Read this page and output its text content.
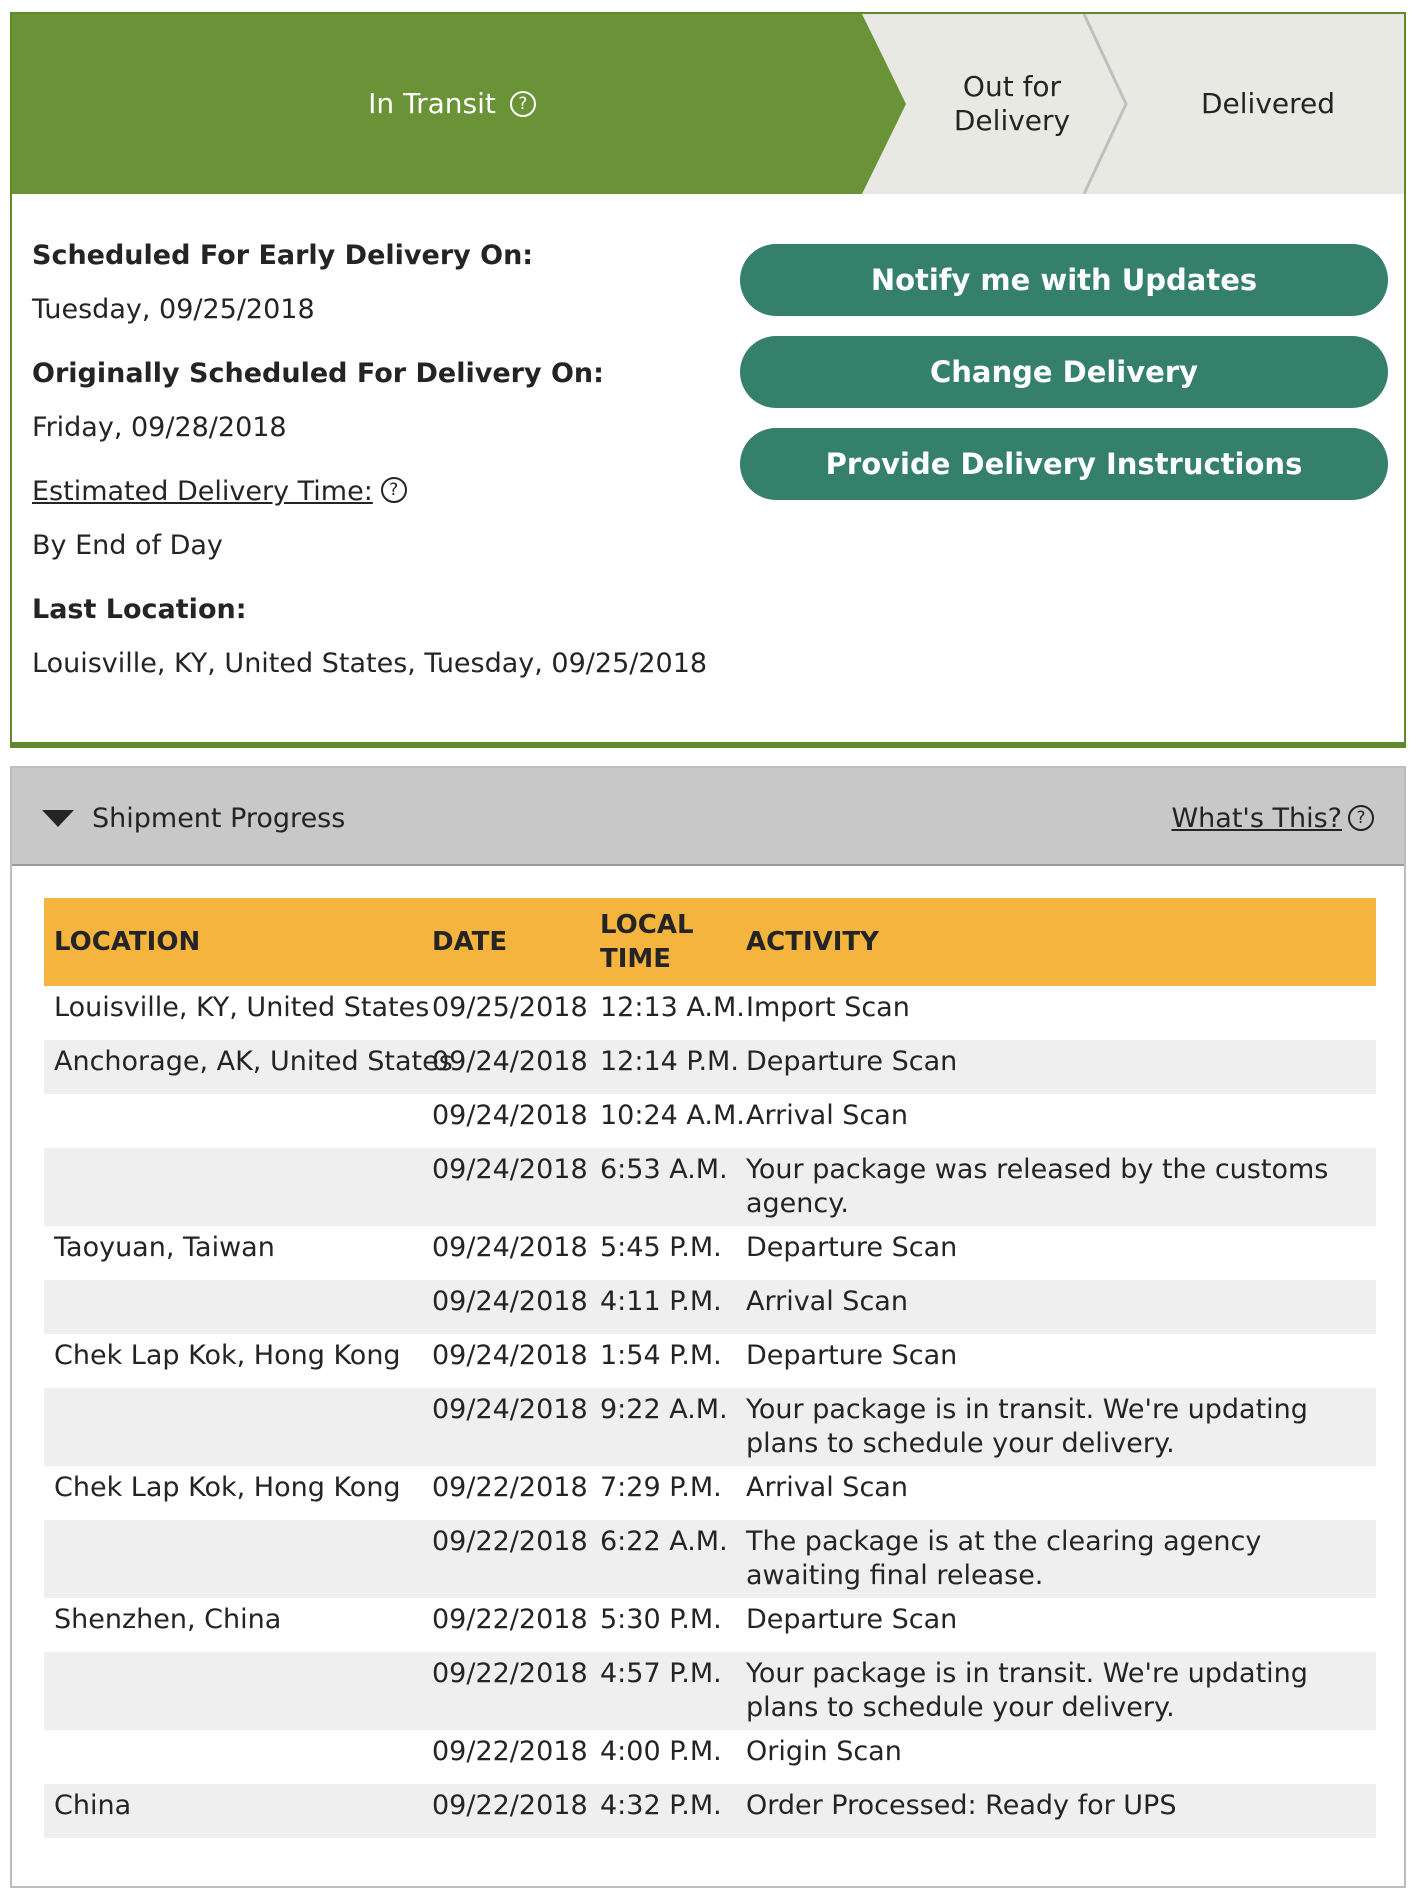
In Transit	?
Out for Delivery
Delivered
Scheduled For Early Delivery On:
Tuesday, 09/25/2018
Originally Scheduled For Delivery On:
Friday, 09/28/2018
Estimated Delivery Time: ?
By End of Day
Last Location:
Louisville, KY, United States, Tuesday, 09/25/2018
Notify me with Updates
Change Delivery
Provide Delivery Instructions
Shipment Progress	What's This? ?
LOCATION	DATE	LOCAL TIME	ACTIVITY
Louisville, KY, United States	09/25/2018	12:13 A.M.	Import Scan
Anchorage, AK, United States	09/24/2018	12:14 P.M.	Departure Scan
	09/24/2018	10:24 A.M.	Arrival Scan
	09/24/2018	6:53 A.M.	Your package was released by the customs agency.
Taoyuan, Taiwan	09/24/2018	5:45 P.M.	Departure Scan
	09/24/2018	4:11 P.M.	Arrival Scan
Chek Lap Kok, Hong Kong	09/24/2018	1:54 P.M.	Departure Scan
	09/24/2018	9:22 A.M.	Your package is in transit. We're updating plans to schedule your delivery.
Chek Lap Kok, Hong Kong	09/22/2018	7:29 P.M.	Arrival Scan
	09/22/2018	6:22 A.M.	The package is at the clearing agency awaiting final release.
Shenzhen, China	09/22/2018	5:30 P.M.	Departure Scan
	09/22/2018	4:57 P.M.	Your package is in transit. We're updating plans to schedule your delivery.
	09/22/2018	4:00 P.M.	Origin Scan
China	09/22/2018	4:32 P.M.	Order Processed: Ready for UPS
